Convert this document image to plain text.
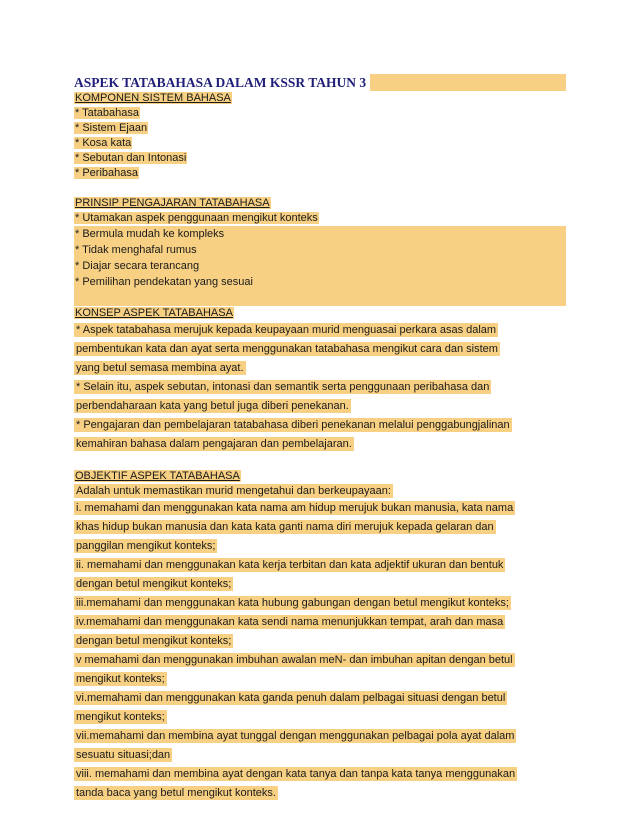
ASPEK TATABAHASA DALAM KSSR TAHUN 3
KOMPONEN SISTEM BAHASA
* Tatabahasa
* Sistem Ejaan
* Kosa kata
* Sebutan dan Intonasi
* Peribahasa
PRINSIP PENGAJARAN TATABAHASA
* Utamakan aspek penggunaan mengikut konteks
* Bermula mudah ke kompleks
* Tidak menghafal rumus
* Diajar secara terancang
* Pemilihan pendekatan yang sesuai
KONSEP ASPEK TATABAHASA
* Aspek tatabahasa merujuk kepada keupayaan murid menguasai perkara asas dalam
pembentukan kata dan ayat serta menggunakan tatabahasa mengikut cara dan sistem
yang betul semasa membina ayat.
* Selain itu, aspek sebutan, intonasi dan semantik serta penggunaan peribahasa dan
perbendaharaan kata yang betul juga diberi penekanan.
* Pengajaran dan pembelajaran tatabahasa diberi penekanan melalui penggabungjalinan
kemahiran bahasa dalam pengajaran dan pembelajaran.
OBJEKTIF ASPEK TATABAHASA
Adalah untuk memastikan murid mengetahui dan berkeupayaan:
i. memahami dan menggunakan kata nama am hidup merujuk bukan manusia, kata nama
khas hidup bukan manusia dan kata kata ganti nama diri merujuk kepada gelaran dan
panggilan mengikut konteks;
ii. memahami dan menggunakan kata kerja terbitan dan kata adjektif ukuran dan bentuk
dengan betul mengikut konteks;
iii.memahami dan menggunakan kata hubung gabungan dengan betul mengikut konteks;
iv.memahami dan menggunakan kata sendi nama menunjukkan tempat, arah dan masa
dengan betul mengikut konteks;
v memahami dan menggunakan imbuhan awalan meN- dan imbuhan apitan dengan betul
mengikut konteks;
vi.memahami dan menggunakan kata ganda penuh dalam pelbagai situasi dengan betul
mengikut konteks;
vii.memahami dan membina ayat tunggal dengan menggunakan pelbagai pola ayat dalam
sesuatu situasi;dan
viii. memahami dan membina ayat dengan kata tanya dan tanpa kata tanya menggunakan
tanda baca yang betul mengikut konteks.
